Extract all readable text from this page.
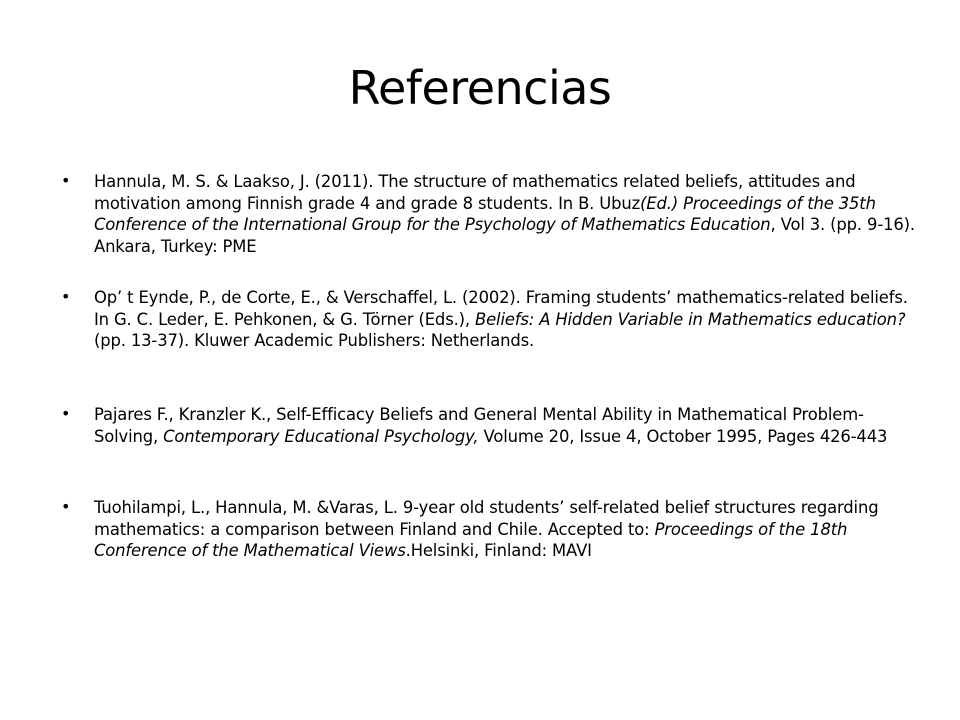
Referencias
• Hannula, M. S. & Laakso, J. (2011). The structure of mathematics related beliefs, attitudes and motivation among Finnish grade 4 and grade 8 students. In B. Ubuz(Ed.) Proceedings of the 35th Conference of the International Group for the Psychology of Mathematics Education, Vol 3. (pp. 9-16). Ankara, Turkey: PME
• Op’ t Eynde, P., de Corte, E., & Verschaffel, L. (2002). Framing students’ mathematics-related beliefs. In G. C. Leder, E. Pehkonen, & G. Törner (Eds.), Beliefs: A Hidden Variable in Mathematics education? (pp. 13-37). Kluwer Academic Publishers: Netherlands.
• Pajares F., Kranzler K., Self-Efficacy Beliefs and General Mental Ability in Mathematical Problem-Solving, Contemporary Educational Psychology, Volume 20, Issue 4, October 1995, Pages 426-443
• Tuohilampi, L., Hannula, M. &Varas, L. 9-year old students’ self-related belief structures regarding mathematics: a comparison between Finland and Chile. Accepted to: Proceedings of the 18th Conference of the Mathematical Views.Helsinki, Finland: MAVI
